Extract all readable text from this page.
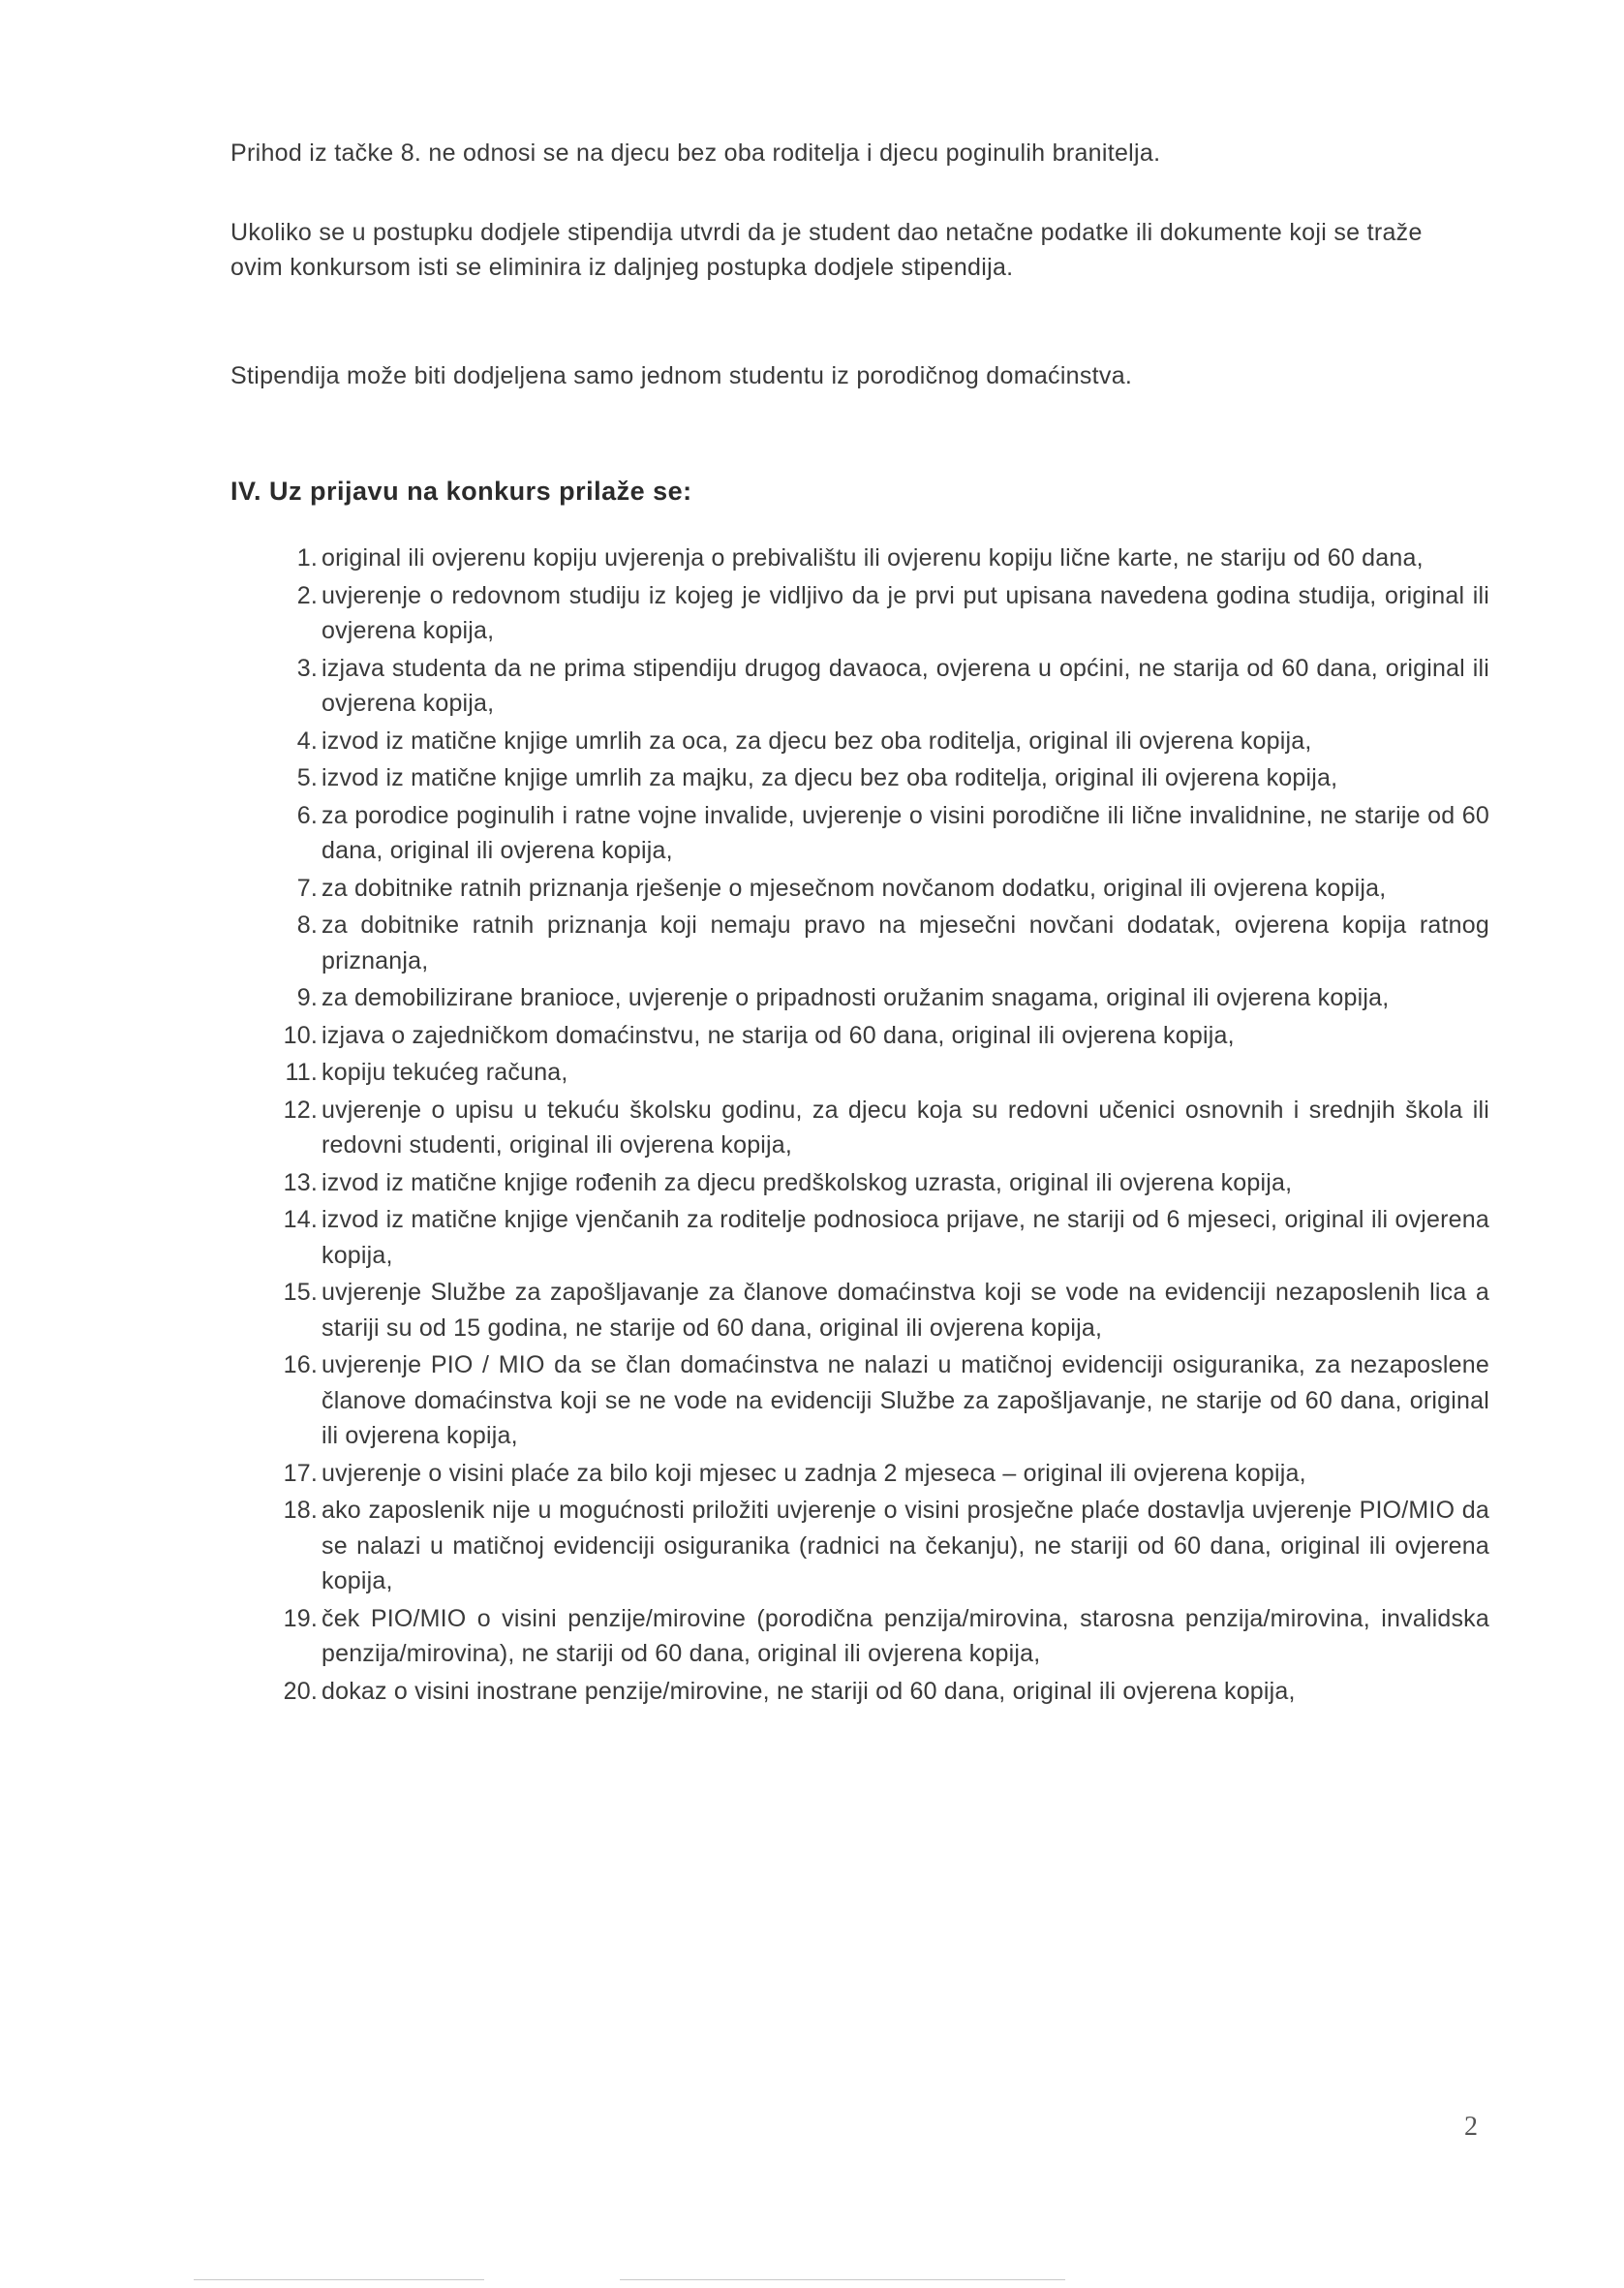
Prihod iz tačke 8. ne odnosi se na djecu bez oba roditelja i djecu poginulih branitelja.
Ukoliko se u postupku dodjele stipendija utvrdi da je student dao netačne podatke ili dokumente koji se traže ovim konkursom isti se eliminira iz daljnjeg postupka dodjele stipendija.
Stipendija može biti dodjeljena samo jednom studentu iz porodičnog domaćinstva.
IV. Uz prijavu na konkurs prilaže se:
1. original ili ovjerenu kopiju uvjerenja o prebivalištu ili ovjerenu kopiju lične karte, ne stariju od 60 dana,
2. uvjerenje o redovnom studiju iz kojeg je vidljivo da je prvi put upisana navedena godina studija, original ili ovjerena kopija,
3. izjava studenta da ne prima stipendiju drugog davaoca, ovjerena u općini, ne starija od 60 dana, original ili ovjerena kopija,
4. izvod iz matične knjige umrlih za oca, za djecu bez oba roditelja, original ili ovjerena kopija,
5. izvod iz matične knjige umrlih za majku, za djecu bez oba roditelja, original ili ovjerena kopija,
6. za porodice poginulih i ratne vojne invalide, uvjerenje o visini porodične ili lične invalidnine, ne starije od 60 dana, original ili ovjerena kopija,
7. za dobitnike ratnih priznanja rješenje o mjesečnom novčanom dodatku, original ili ovjerena kopija,
8. za dobitnike ratnih priznanja koji nemaju pravo na mjesečni novčani dodatak, ovjerena kopija ratnog priznanja,
9. za demobilizirane branioce, uvjerenje o pripadnosti oružanim snagama, original ili ovjerena kopija,
10. izjava o zajedničkom domaćinstvu, ne starija od 60 dana, original ili ovjerena kopija,
11. kopiju tekućeg računa,
12. uvjerenje o upisu u tekuću školsku godinu, za djecu koja su redovni učenici osnovnih i srednjih škola ili redovni studenti, original ili ovjerena kopija,
13. izvod iz matične knjige rođenih za djecu predškolskog uzrasta, original ili ovjerena kopija,
14. izvod iz matične knjige vjenčanih za roditelje podnosioca prijave, ne stariji od 6 mjeseci, original ili ovjerena kopija,
15. uvjerenje Službe za zapošljavanje za članove domaćinstva koji se vode na evidenciji nezaposlenih lica a stariji su od 15 godina, ne starije od 60 dana, original ili ovjerena kopija,
16. uvjerenje PIO / MIO da se član domaćinstva ne nalazi u matičnoj evidenciji osiguranika, za nezaposlene članove domaćinstva koji se ne vode na evidenciji Službe za zapošljavanje, ne starije od 60 dana, original ili ovjerena kopija,
17. uvjerenje o visini plaće za bilo koji mjesec u zadnja 2 mjeseca – original ili ovjerena kopija,
18. ako zaposlenik nije u mogućnosti priložiti uvjerenje o visini prosječne plaće dostavlja uvjerenje PIO/MIO da se nalazi u matičnoj evidenciji osiguranika (radnici na čekanju), ne stariji od 60 dana, original ili ovjerena kopija,
19. ček PIO/MIO o visini penzije/mirovine (porodična penzija/mirovina, starosna penzija/mirovina, invalidska penzija/mirovina), ne stariji od 60 dana, original ili ovjerena kopija,
20. dokaz o visini inostrane penzije/mirovine, ne stariji od 60 dana, original ili ovjerena kopija,
2
